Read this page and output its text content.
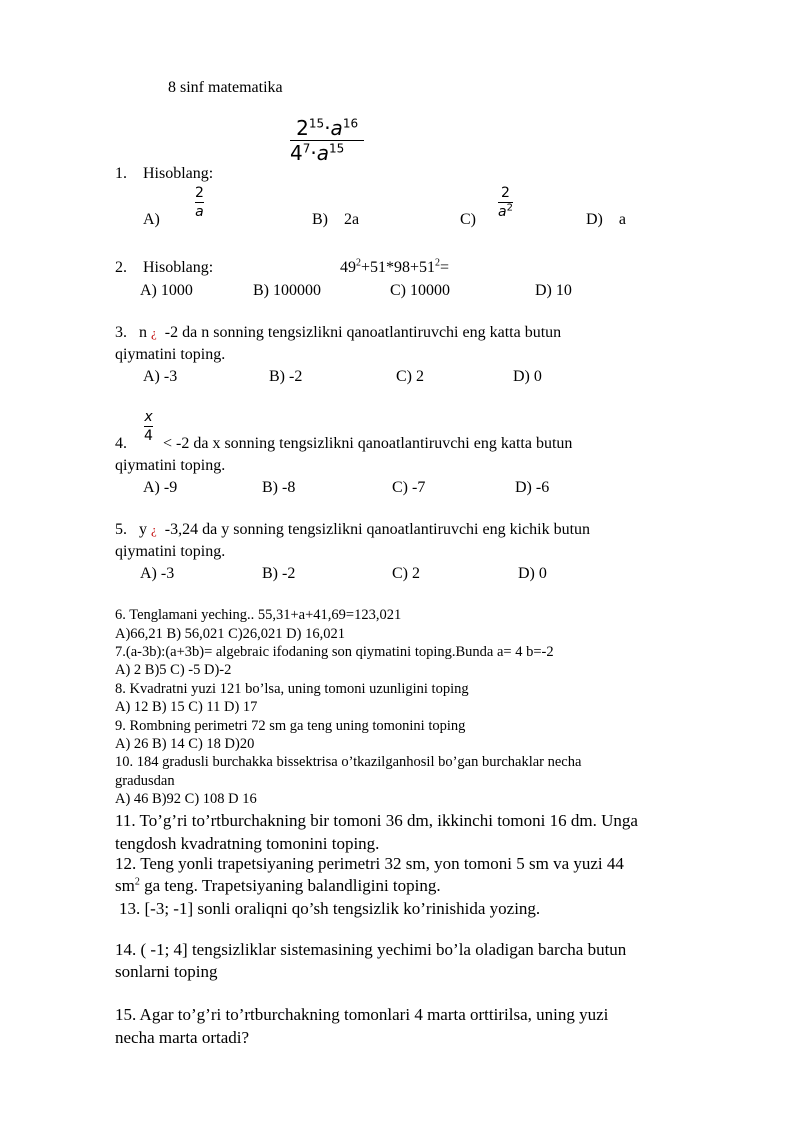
8 sinf matematika
$2^{15}\cdot a^{16}$
$4^7\cdot a^{15}$
1. Hisoblang:
A)
2
a	B) 2a	C)
2
$a^2$
D) a
2. Hisoblang:	$49^2+51*98+51^2=$
A) 1000	B) 100000	C) 10000	D) 10
3. n ¿ -2 da n sonning tengsizlikni qanoatlantiruvchi eng katta butun
qiymatini toping.
A) -3	B) -2	C) 2	D) 0
x
4
4. < -2 da x sonning tengsizlikni qanoatlantiruvchi eng katta butun
qiymatini toping.
A) -9	B) -8	C) -7	D) -6
5. y ¿ -3,24 da y sonning tengsizlikni qanoatlantiruvchi eng kichik butun
qiymatini toping.
A) -3	B) -2	C) 2	D) 0
6. Tenglamani yeching.. 55,31+a+41,69=123,021
A)66,21 B) 56,021 C)26,021 D) 16,021
7.(a-3b):(a+3b)= algebraic ifodaning son qiymatini toping.Bunda a= 4 b=-2
A) 2 B)5 C) -5 D)-2
8. Kvadratni yuzi 121 bo’lsa, uning tomoni uzunligini toping
A) 12 B) 15 C) 11 D) 17
9. Rombning perimetri 72 sm ga teng uning tomonini toping
A) 26 B) 14 C) 18 D)20
10. 184 gradusli burchakka bissektrisa o’tkazilganhosil bo’gan burchaklar necha
gradusdan
A) 46 B)92 C) 108 D 16
11. To’g’ri to’rtburchakning bir tomoni 36 dm, ikkinchi tomoni 16 dm. Unga
tengdosh kvadratning tomonini toping.
12. Teng yonli trapetsiyaning perimetri 32 sm, yon tomoni 5 sm va yuzi 44
$sm^2$ ga teng. Trapetsiyaning balandligini toping.
13. [-3; -1] sonli oraliqni qo’sh tengsizlik ko’rinishida yozing.
14. ( -1; 4] tengsizliklar sistemasining yechimi bo’la oladigan barcha butun
sonlarni toping
15. Agar to’g’ri to’rtburchakning tomonlari 4 marta orttirilsa, uning yuzi
necha marta ortadi?
